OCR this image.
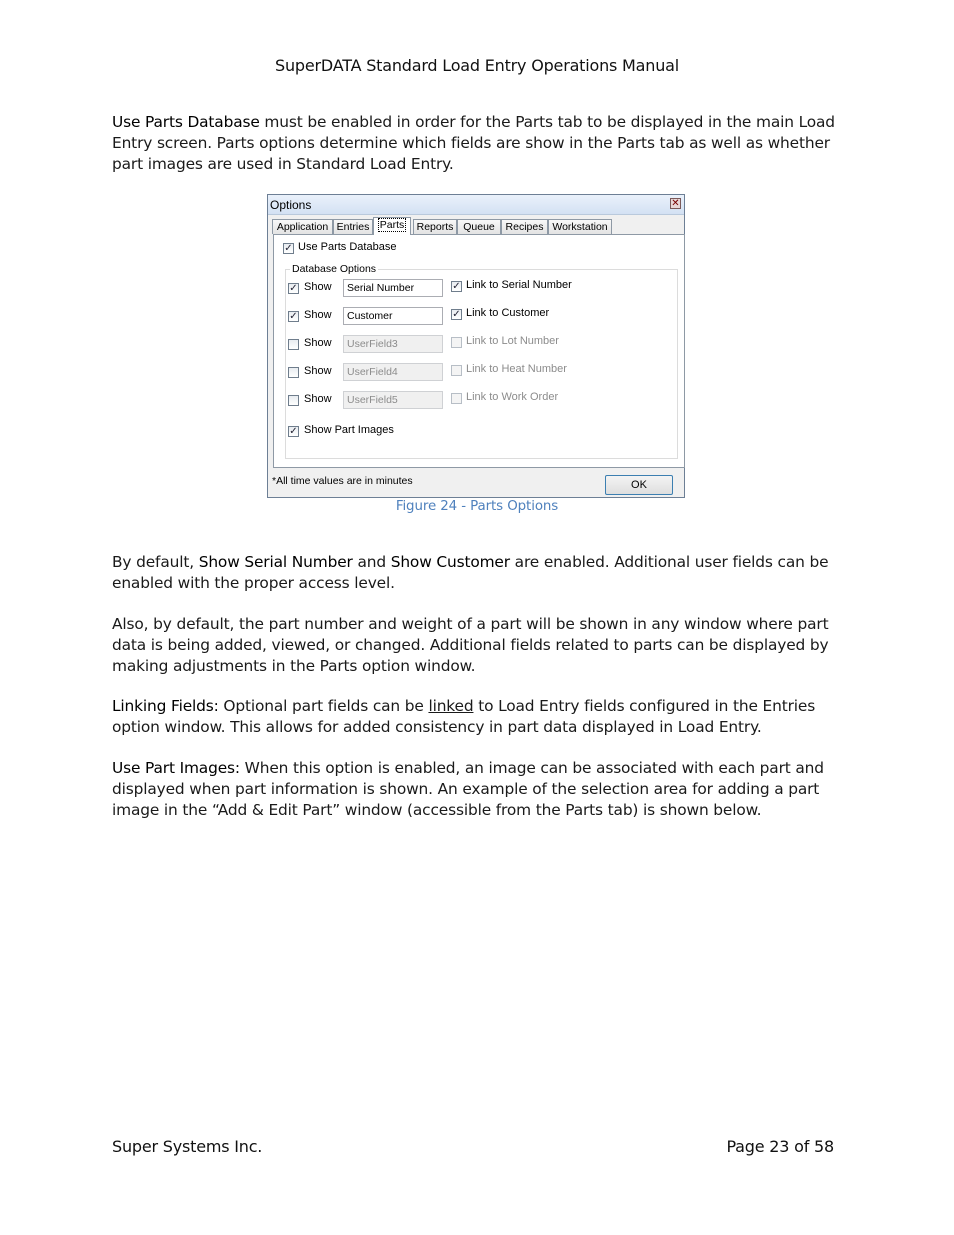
SuperDATA Standard Load Entry Operations Manual

Use Parts Database must be enabled in order for the Parts tab to be displayed in the main Load Entry screen. Parts options determine which fields are show in the Parts tab as well as whether part images are used in Standard Load Entry.

Options	✕
Application Entries Parts	Reports Queue	Recipes Workstation
✓ Use Parts Database
Database Options
✓ Show	Serial Number	✓ Link to Serial Number
✓ Show	Customer	✓ Link to Customer
Show	UserField3	Link to Lot Number
Show	UserField4	Link to Heat Number
Show	UserField5	Link to Work Order
✓ Show Part Images
*All time values are in minutes	OK
Figure 24 - Parts Options

By default, Show Serial Number and Show Customer are enabled. Additional user fields can be enabled with the proper access level.

Also, by default, the part number and weight of a part will be shown in any window where part data is being added, viewed, or changed. Additional fields related to parts can be displayed by making adjustments in the Parts option window.

Linking Fields: Optional part fields can be linked to Load Entry fields configured in the Entries option window. This allows for added consistency in part data displayed in Load Entry.

Use Part Images: When this option is enabled, an image can be associated with each part and displayed when part information is shown. An example of the selection area for adding a part image in the “Add & Edit Part” window (accessible from the Parts tab) is shown below.

Super Systems Inc.	Page 23 of 58
